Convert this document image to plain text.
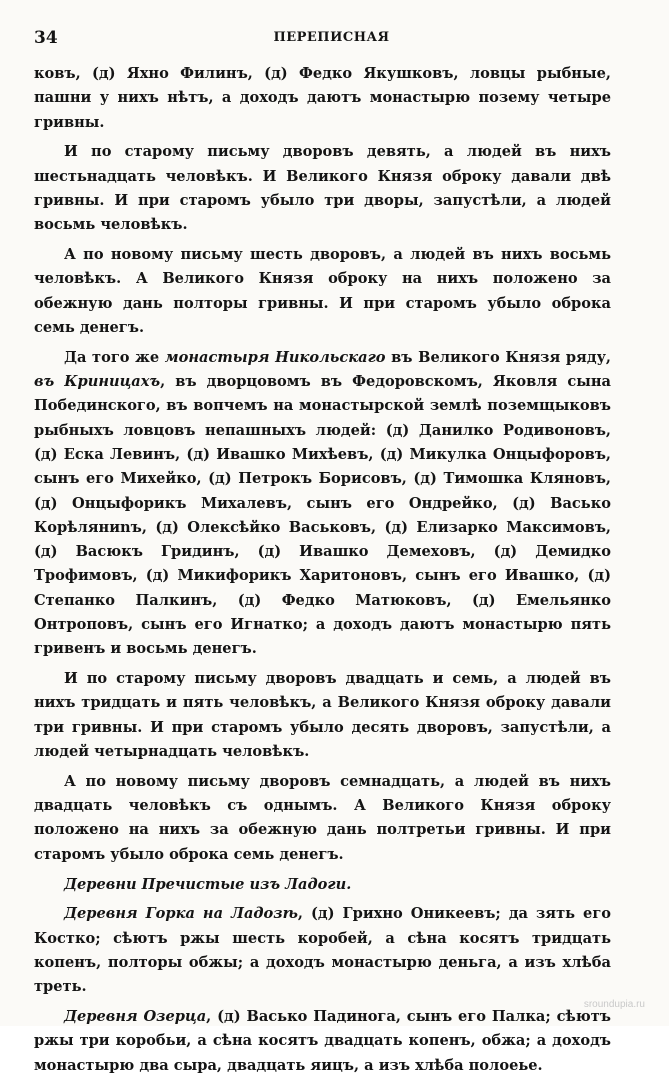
34	ПЕРЕПИСНАЯ

ковъ, (д) Яхно Филинъ, (д) Федко Якушковъ, ловцы рыбные, пашни у нихъ нѣтъ, а доходъ даютъ монастырю позему четыре гривны.

И по старому письму дворовъ девять, а людей въ нихъ шестьнадцать человѣкъ. И Великого Князя оброку давали двѣ гривны. И при старомъ убыло три дворы, запустѣли, а людей восьмь человѣкъ.

А по новому письму шесть дворовъ, а людей въ нихъ восьмь человѣкъ. А Великого Князя оброку на нихъ положено за обежную дань полторы гривны. И при старомъ убыло оброка семь денегъ.

Да того же монастыря Никольскаго въ Великого Князя ряду, въ Криницахъ, въ дворцовомъ въ Федоровскомъ, Яковля сына Побединского, въ вопчемъ на монастырской землѣ поземщыковъ рыбныхъ ловцовъ непашныхъ людей: (д) Данилко Родивоновъ, (д) Еска Левинъ, (д) Ивашко Михѣевъ, (д) Микулка Онцыфоровъ, сынъ его Михейко, (д) Петрокъ Борисовъ, (д) Тимошка Кляновъ, (д) Онцыфорикъ Михалевъ, сынъ его Ондрейко, (д) Васько Корѣляниnъ, (д) Олексѣйко Васьковъ, (д) Елизарко Максимовъ, (д) Васюкъ Гридинъ, (д) Ивашко Демеховъ, (д) Демидко Трофимовъ, (д) Микифорикъ Харитоновъ, сынъ его Ивашко, (д) Степанко Палкинъ, (д) Федко Матюковъ, (д) Емельянко Онтроповъ, сынъ его Игнатко; а доходъ даютъ монастырю пять гривенъ и восьмь денегъ.

И по старому письму дворовъ двадцать и семь, а людей въ нихъ тридцать и пять человѣкъ, а Великого Князя оброку давали три гривны. И при старомъ убыло десять дворовъ, запустѣли, а людей четырнадцать человѣкъ.

А по новому письму дворовъ семнадцать, а людей въ нихъ двадцать человѣкъ съ однымъ. А Великого Князя оброку положено на нихъ за обежную дань полтретьи гривны. И при старомъ убыло оброка семь денегъ.

Деревни Пречистые изъ Ладоги.

Деревня Горка на Ладозѣ, (д) Грихно Оникеевъ; да зять его Костко; сѣютъ ржы шесть коробей, а сѣна косятъ тридцать копенъ, полторы обжы; а доходъ монастырю деньга, а изъ хлѣба треть.

Деревня Озерца, (д) Васько Падинога, сынъ его Палка; сѣютъ ржы три коробьи, а сѣна косятъ двадцать копенъ, обжа; а доходъ монастырю два сыра, двадцать яицъ, а изъ хлѣба полоеье.

sroundupia.ru
